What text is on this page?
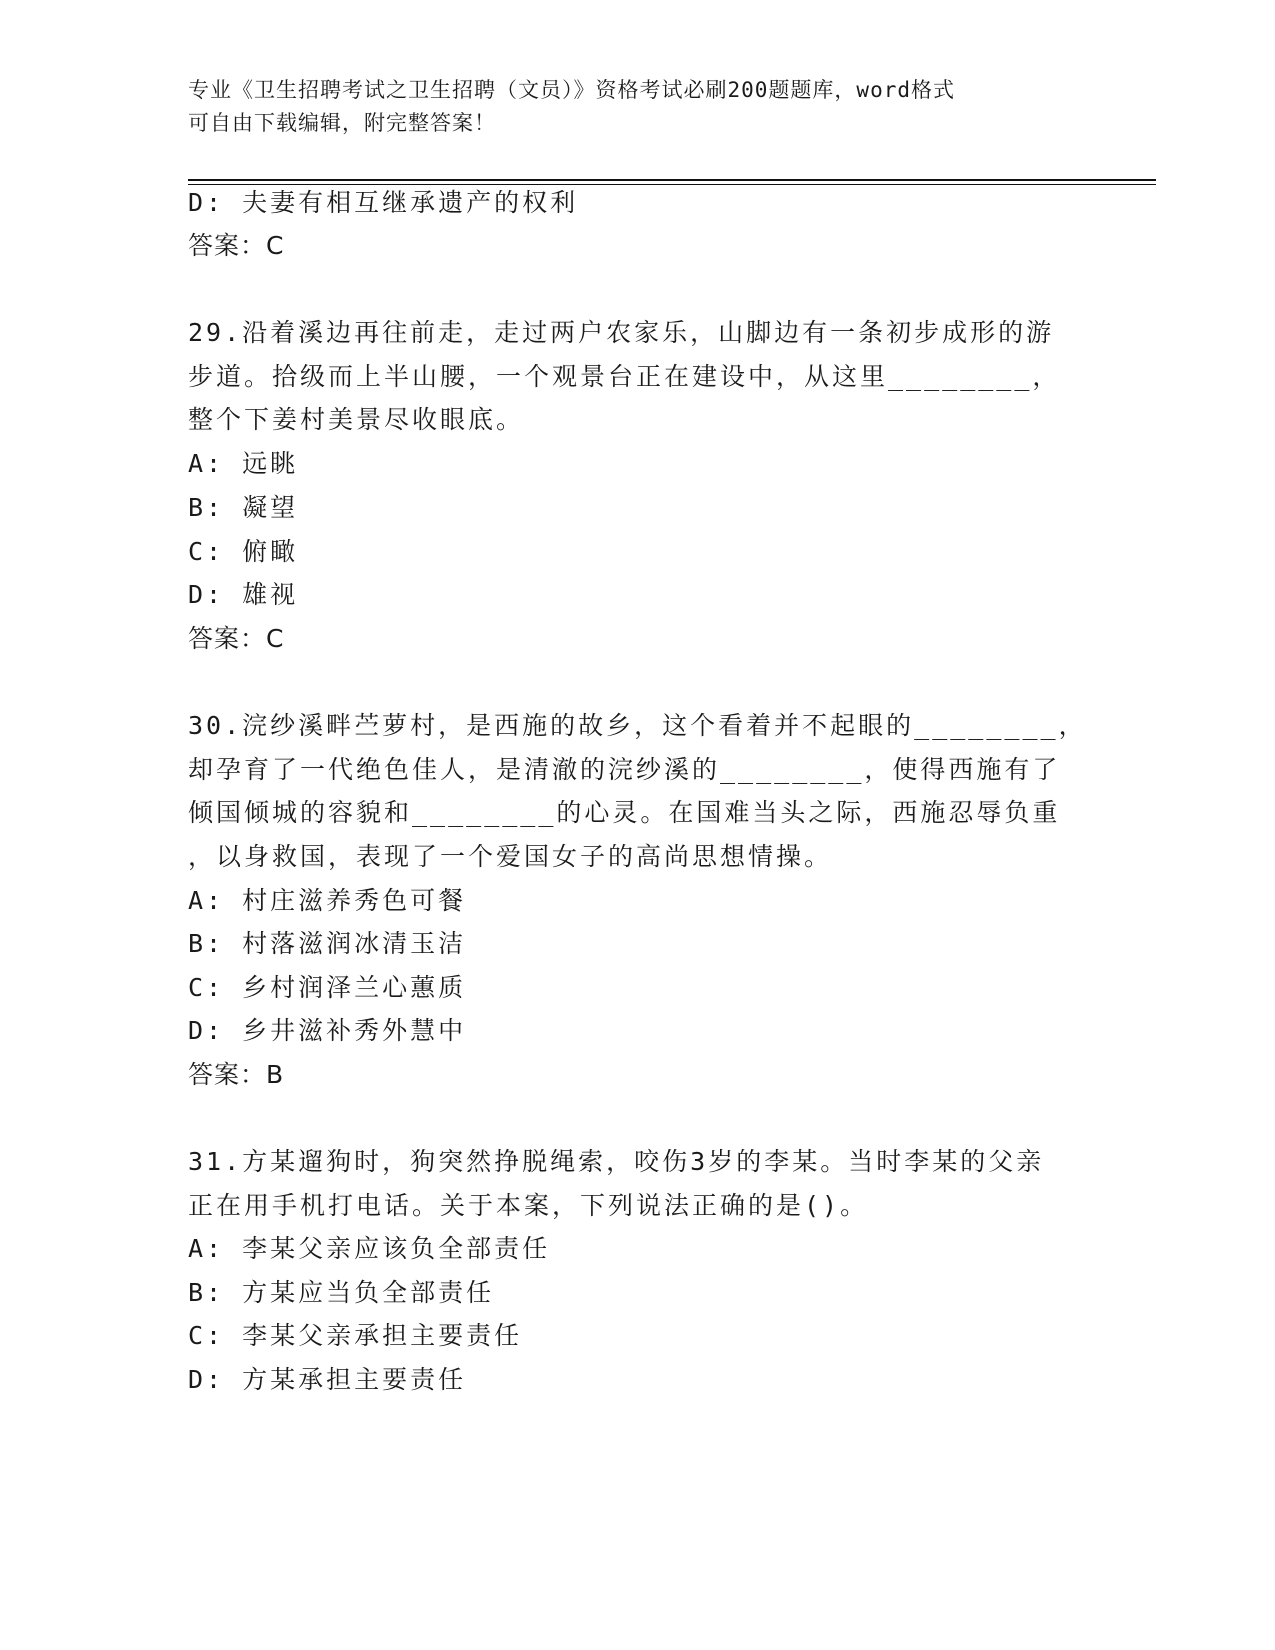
专业《卫生招聘考试之卫生招聘（文员）》资格考试必刷200题题库，word格式
可自由下载编辑，附完整答案！

D: 夫妻有相互继承遗产的权利

答案：C

29.沿着溪边再往前走，走过两户农家乐，山脚边有一条初步成形的游

步道。拾级而上半山腰，一个观景台正在建设中，从这里________，

整个下姜村美景尽收眼底。

A: 远眺

B: 凝望

C: 俯瞰

D: 雄视

答案：C

30.浣纱溪畔苎萝村，是西施的故乡，这个看着并不起眼的________，

却孕育了一代绝色佳人，是清澈的浣纱溪的________，使得西施有了

倾国倾城的容貌和________的心灵。在国难当头之际，西施忍辱负重

，以身救国，表现了一个爱国女子的高尚思想情操。

A: 村庄滋养秀色可餐

B: 村落滋润冰清玉洁

C: 乡村润泽兰心蕙质

D: 乡井滋补秀外慧中

答案：B

31.方某遛狗时，狗突然挣脱绳索，咬伤3岁的李某。当时李某的父亲

正在用手机打电话。关于本案，下列说法正确的是()。

A: 李某父亲应该负全部责任

B: 方某应当负全部责任

C: 李某父亲承担主要责任

D: 方某承担主要责任
